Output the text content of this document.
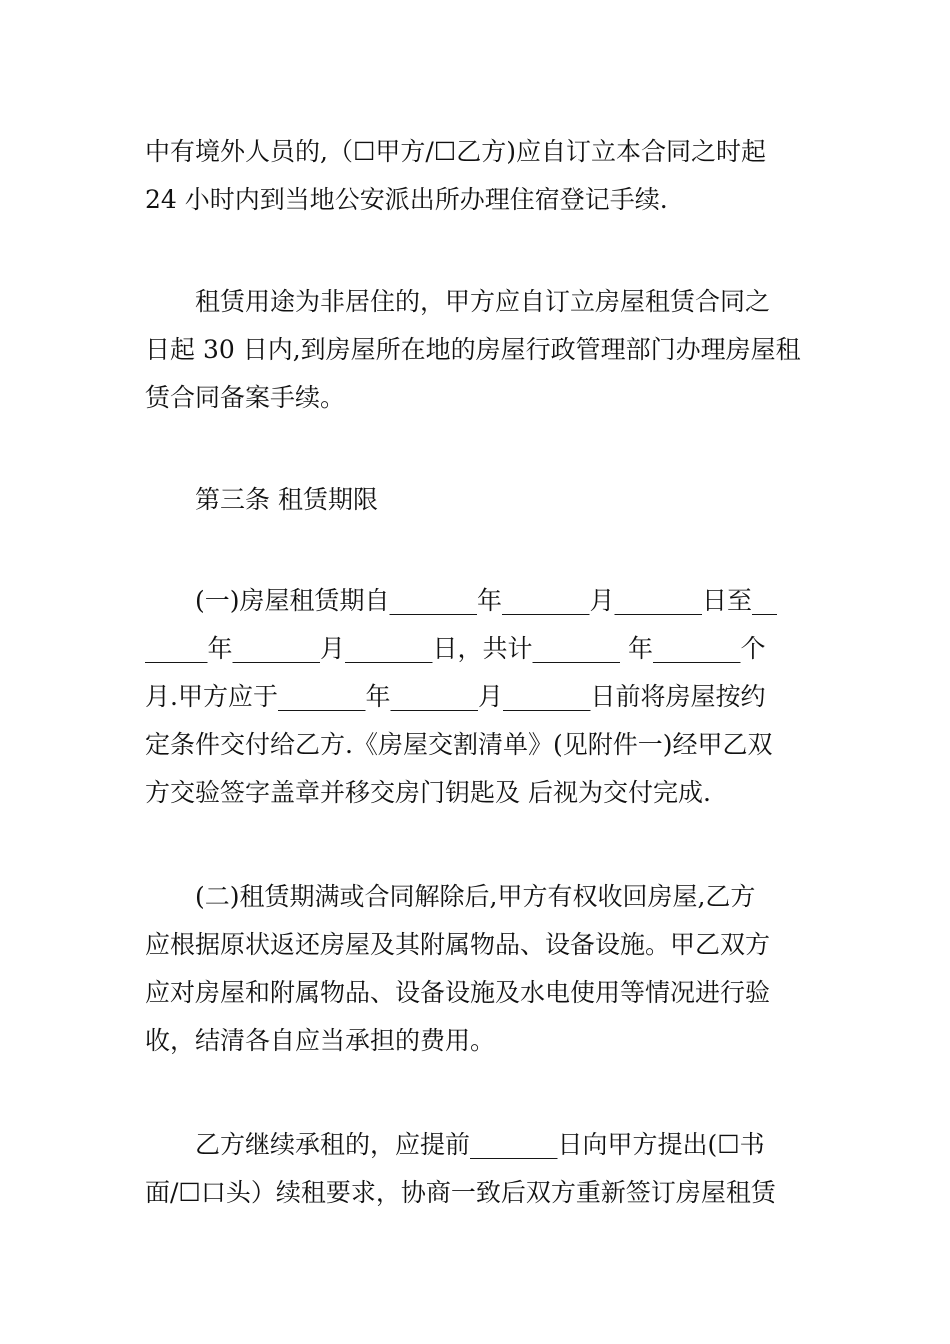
中有境外人员的,（☐甲方/☐乙方)应自订立本合同之时起
24 小时内到当地公安派出所办理住宿登记手续.
　　租赁用途为非居住的，甲方应自订立房屋租赁合同之
日起 30 日内,到房屋所在地的房屋行政管理部门办理房屋租
赁合同备案手续。
第三条 租赁期限
　　(一)房屋租赁期自_______年_______月_______日至__
_____年_______月_______日，共计_______ 年_______个
月.甲方应于_______年_______月_______日前将房屋按约
定条件交付给乙方.《房屋交割清单》(见附件一)经甲乙双
方交验签字盖章并移交房门钥匙及 后视为交付完成.
　　(二)租赁期满或合同解除后,甲方有权收回房屋,乙方
应根据原状返还房屋及其附属物品、设备设施。甲乙双方
应对房屋和附属物品、设备设施及水电使用等情况进行验
收，结清各自应当承担的费用。
　　乙方继续承租的，应提前_______日向甲方提出(☐书
面/☐口头）续租要求，协商一致后双方重新签订房屋租赁
